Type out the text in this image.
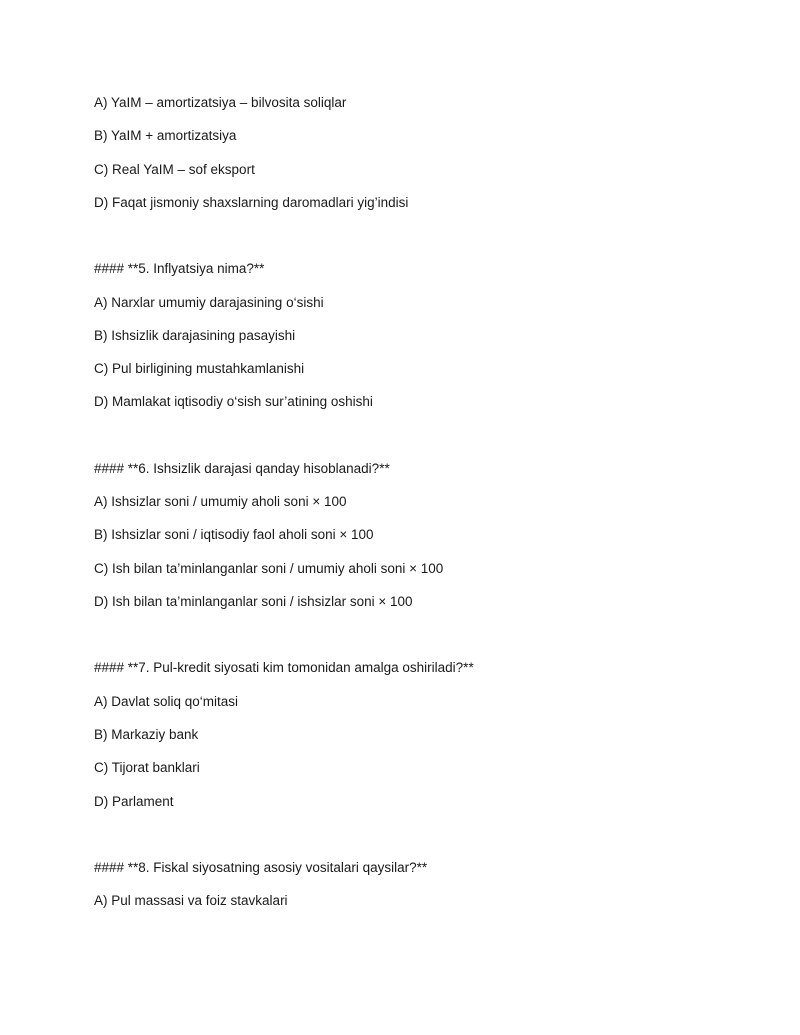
A) YaIM – amortizatsiya – bilvosita soliqlar

B) YaIM + amortizatsiya

C) Real YaIM – sof eksport

D) Faqat jismoniy shaxslarning daromadlari yig’indisi

#### **5. Inflyatsiya nima?**

A) Narxlar umumiy darajasining o‘sishi

B) Ishsizlik darajasining pasayishi

C) Pul birligining mustahkamlanishi

D) Mamlakat iqtisodiy o‘sish sur’atining oshishi

#### **6. Ishsizlik darajasi qanday hisoblanadi?**

A) Ishsizlar soni / umumiy aholi soni × 100

B) Ishsizlar soni / iqtisodiy faol aholi soni × 100

C) Ish bilan ta’minlanganlar soni / umumiy aholi soni × 100

D) Ish bilan ta’minlanganlar soni / ishsizlar soni × 100

#### **7. Pul-kredit siyosati kim tomonidan amalga oshiriladi?**

A) Davlat soliq qo‘mitasi

B) Markaziy bank

C) Tijorat banklari

D) Parlament

#### **8. Fiskal siyosatning asosiy vositalari qaysilar?**

A) Pul massasi va foiz stavkalari
